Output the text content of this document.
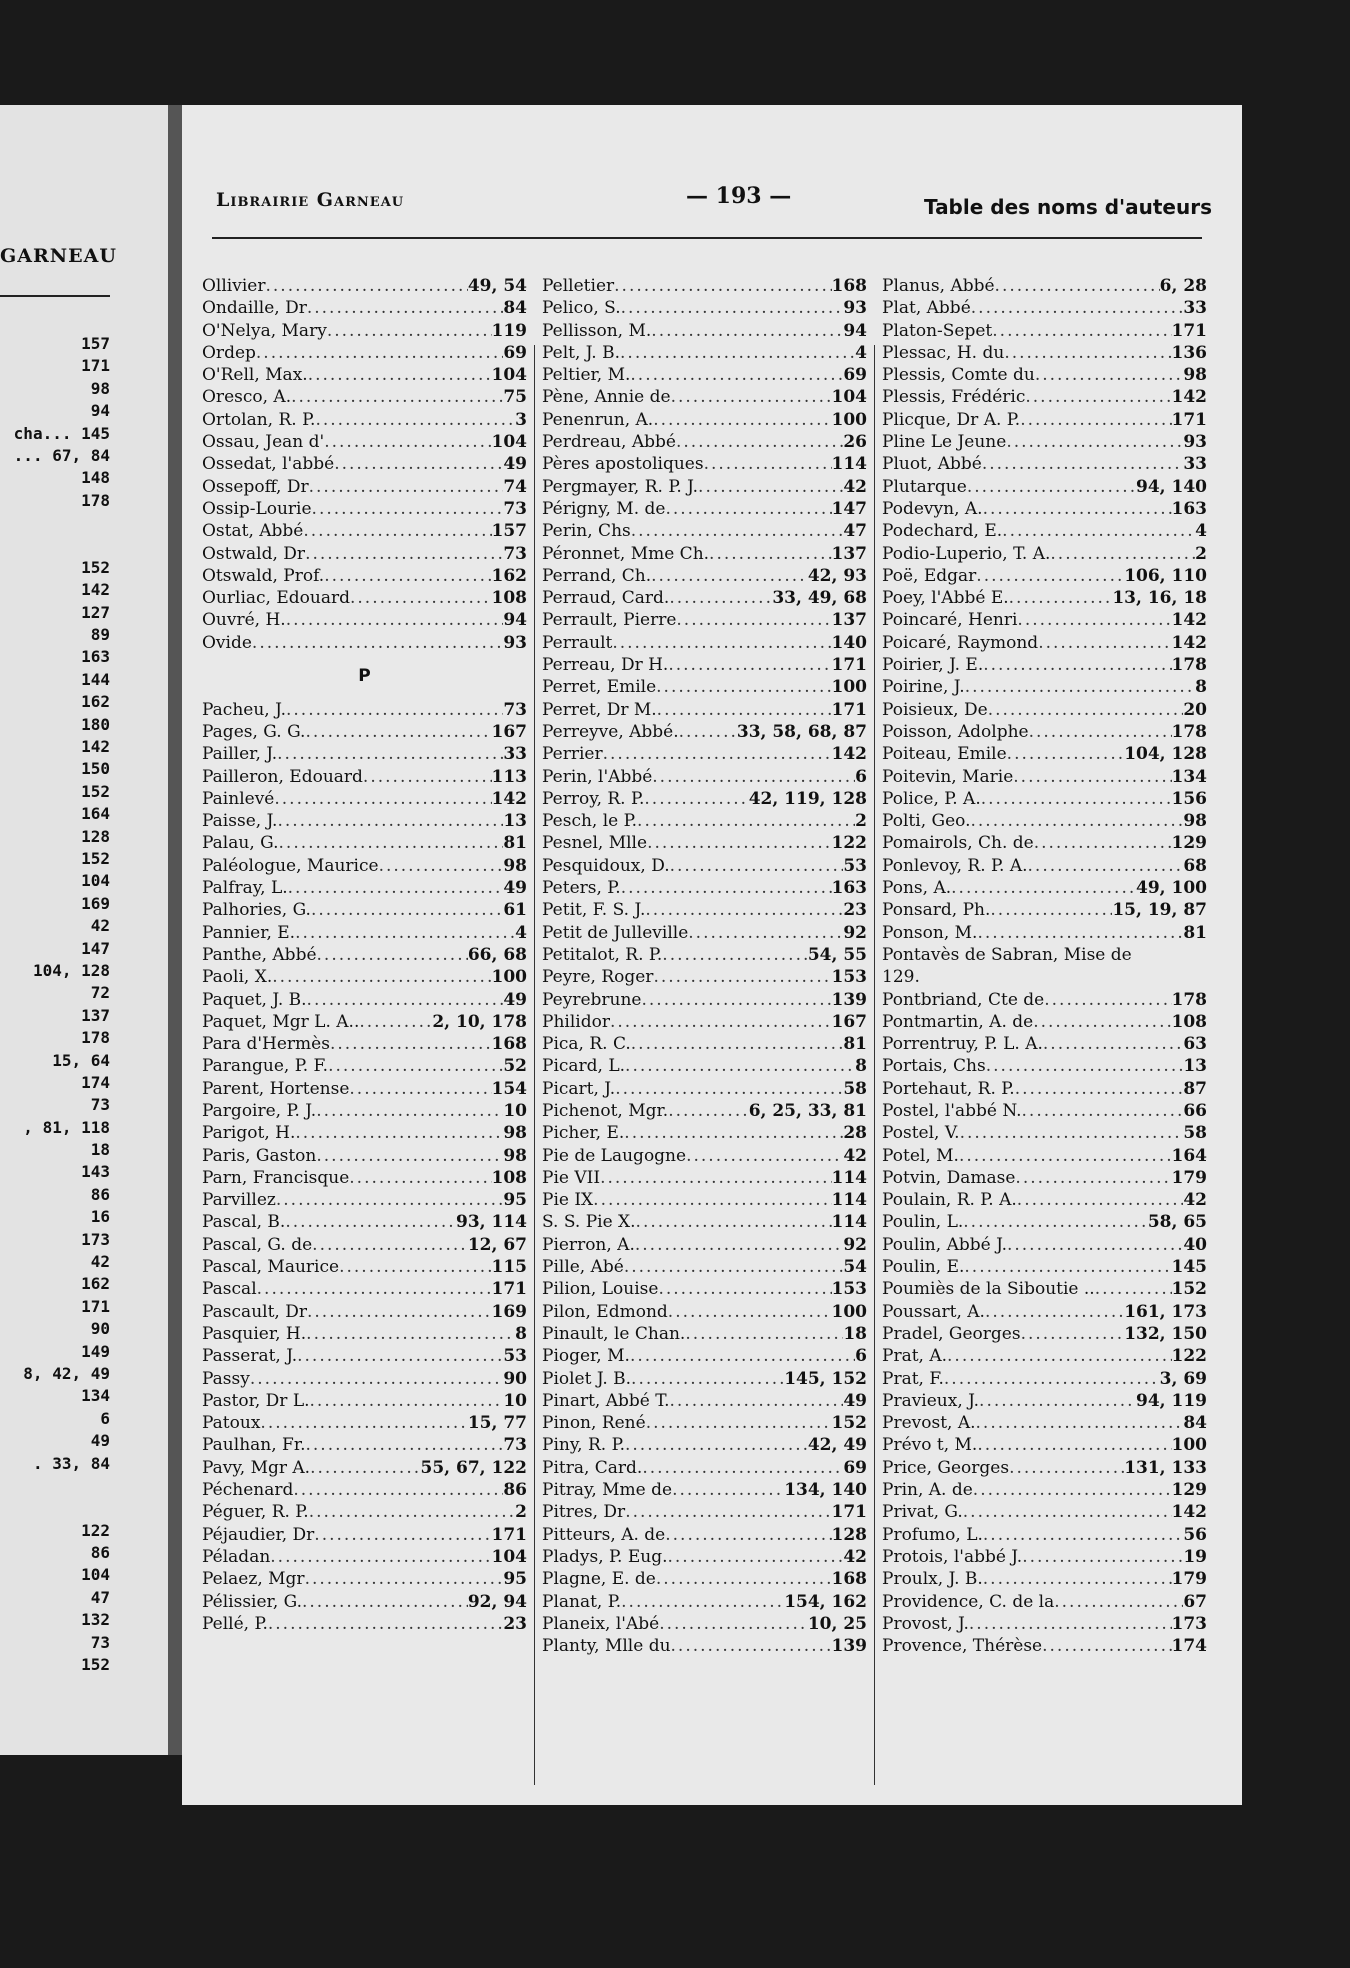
GARNEAU
157
171
98
94
cha... 145
... 67, 84
148
178
152
142
127
89
163
144
162
180
142
150
152
164
128
152
104
169
42
147
104, 128
72
137
178
15, 64
174
73
, 81, 118
18
143
86
16
173
42
162
171
90
149
8, 42, 49
134
6
49
. 33, 84
122
86
104
47
132
73
152
Librairie Garneau	— 193 —	Table des noms d'auteurs
Ollivier .....	49, 54
Ondaille, Dr .....	84
O'Nelya, Mary .....	119
Ordep .....	69
O'Rell, Max. .....	104
Oresco, A. .....	75
Ortolan, R. P. .....	3
Ossau, Jean d' .....	104
Ossedat, l'abbé .....	49
Ossepoff, Dr .....	74
Ossip-Lourie .....	73
Ostat, Abbé .....	157
Ostwald, Dr .....	73
Otswald, Prof. .....	162
Ourliac, Edouard .....	108
Ouvré, H. .....	94
Ovide .....	93
P
Pacheu, J. .....	73
Pages, G. G. .....	167
Pailler, J. .....	33
Pailleron, Edouard .....	113
Painlevé .....	142
Paisse, J. .....	13
Palau, G. .....	81
Paléologue, Maurice .....	98
Palfray, L. .....	49
Palhories, G. .....	61
Pannier, E. .....	4
Panthe, Abbé .....	66, 68
Paoli, X. .....	100
Paquet, J. B. .....	49
Paquet, Mgr L. A.. .....	2, 10, 178
Para d'Hermès .....	168
Parangue, P. F. .....	52
Parent, Hortense .....	154
Pargoire, P. J. .....	10
Parigot, H. .....	98
Paris, Gaston .....	98
Parn, Francisque .....	108
Parvillez .....	95
Pascal, B. .....	93, 114
Pascal, G. de .....	12, 67
Pascal, Maurice .....	115
Pascal .....	171
Pascault, Dr .....	169
Pasquier, H. .....	8
Passerat, J. .....	53
Passy .....	90
Pastor, Dr L. .....	10
Patoux .....	15, 77
Paulhan, Fr. .....	73
Pavy, Mgr A. .....	55, 67, 122
Péchenard .....	86
Péguer, R. P. .....	2
Péjaudier, Dr .....	171
Péladan .....	104
Pelaez, Mgr .....	95
Pélissier, G. .....	92, 94
Pellé, P. .....	23
Pelletier .....	168
Pelico, S. .....	93
Pellisson, M. .....	94
Pelt, J. B. .....	4
Peltier, M. .....	69
Pène, Annie de .....	104
Penenrun, A. .....	100
Perdreau, Abbé .....	26
Pères apostoliques .....	114
Pergmayer, R. P. J. .....	42
Périgny, M. de .....	147
Perin, Chs .....	47
Péronnet, Mme Ch. .....	137
Perrand, Ch. .....	42, 93
Perraud, Card. .....	33, 49, 68
Perrault, Pierre .....	137
Perrault .....	140
Perreau, Dr H. .....	171
Perret, Emile .....	100
Perret, Dr M. .....	171
Perreyve, Abbé. .....	33, 58, 68, 87
Perrier .....	142
Perin, l'Abbé .....	6
Perroy, R. P. .....	42, 119, 128
Pesch, le P. .....	2
Pesnel, Mlle .....	122
Pesquidoux, D. .....	53
Peters, P. .....	163
Petit, F. S. J. .....	23
Petit de Julleville .....	92
Petitalot, R. P. .....	54, 55
Peyre, Roger .....	153
Peyrebrune .....	139
Philidor .....	167
Pica, R. C. .....	81
Picard, L. .....	8
Picart, J. .....	58
Pichenot, Mgr. .....	6, 25, 33, 81
Picher, E. .....	28
Pie de Laugogne .....	42
Pie VII .....	114
Pie IX .....	114
S. S. Pie X. .....	114
Pierron, A. .....	92
Pille, Abé .....	54
Pilion, Louise .....	153
Pilon, Edmond .....	100
Pinault, le Chan. .....	18
Pioger, M. .....	6
Piolet J. B. .....	145, 152
Pinart, Abbé T. .....	49
Pinon, René .....	152
Piny, R. P. .....	42, 49
Pitra, Card. .....	69
Pitray, Mme de .....	134, 140
Pitres, Dr .....	171
Pitteurs, A. de .....	128
Pladys, P. Eug. .....	42
Plagne, E. de .....	168
Planat, P. .....	154, 162
Planeix, l'Abé .....	10, 25
Planty, Mlle du .....	139
Planus, Abbé .....	6, 28
Plat, Abbé .....	33
Platon-Sepet .....	171
Plessac, H. du .....	136
Plessis, Comte du .....	98
Plessis, Frédéric .....	142
Plicque, Dr A. P. .....	171
Pline Le Jeune .....	93
Pluot, Abbé .....	33
Plutarque .....	94, 140
Podevyn, A. .....	163
Podechard, E. .....	4
Podio-Luperio, T. A. .....	2
Poë, Edgar .....	106, 110
Poey, l'Abbé E. .....	13, 16, 18
Poincaré, Henri .....	142
Poicaré, Raymond .....	142
Poirier, J. E. .....	178
Poirine, J. .....	8
Poisieux, De .....	20
Poisson, Adolphe .....	178
Poiteau, Emile .....	104, 128
Poitevin, Marie .....	134
Police, P. A. .....	156
Polti, Geo. .....	98
Pomairols, Ch. de .....	129
Ponlevoy, R. P. A. .....	68
Pons, A. .....	49, 100
Ponsard, Ph. .....	15, 19, 87
Ponson, M. .....	81
Pontavès de Sabran, Mise de
129.
Pontbriand, Cte de .....	178
Pontmartin, A. de .....	108
Porrentruy, P. L. A. .....	63
Portais, Chs .....	13
Portehaut, R. P. .....	87
Postel, l'abbé N. .....	66
Postel, V. .....	58
Potel, M. .....	164
Potvin, Damase .....	179
Poulain, R. P. A. .....	42
Poulin, L. .....	58, 65
Poulin, Abbé J. .....	40
Poulin, E. .....	145
Poumiès de la Siboutie .. .....	152
Poussart, A. .....	161, 173
Pradel, Georges .....	132, 150
Prat, A. .....	122
Prat, F. .....	3, 69
Pravieux, J. .....	94, 119
Prevost, A. .....	84
Prévo t, M. .....	100
Price, Georges .....	131, 133
Prin, A. de .....	129
Privat, G. .....	142
Profumo, L. .....	56
Protois, l'abbé J. .....	19
Proulx, J. B. .....	179
Providence, C. de la .....	67
Provost, J. .....	173
Provence, Thérèse .....	174
